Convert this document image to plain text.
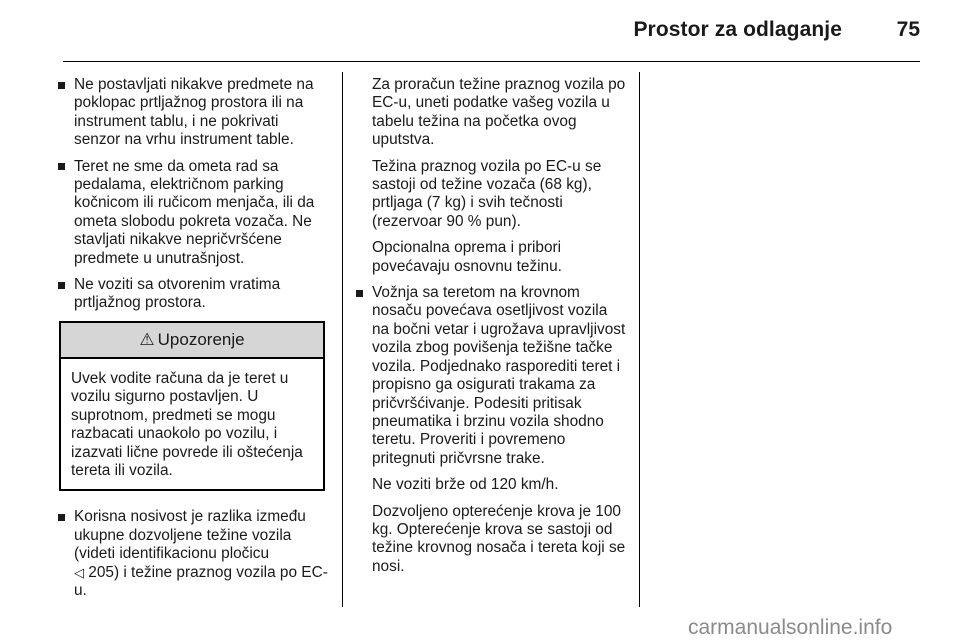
Prostor za odlaganje	75
Ne postavljati nikakve predmete na poklopac prtljažnog prostora ili na instrument tablu, i ne pokrivati senzor na vrhu instrument table.
Teret ne sme da ometa rad sa pedalama, električnom parking kočnicom ili ručicom menjača, ili da ometa slobodu pokreta vozača. Ne stavljati nikakve nepričvršćene predmete u unutrašnjost.
Ne voziti sa otvorenim vratima prtljažnog prostora.
⚠ Upozorenje
Uvek vodite računa da je teret u vozilu sigurno postavljen. U suprotnom, predmeti se mogu razbacati unaokolo po vozilu, i izazvati lične povrede ili oštećenja tereta ili vozila.
Korisna nosivost je razlika između ukupne dozvoljene težine vozila (videti identifikacionu pločicu
◁ 205) i težine praznog vozila po EC-u.
Za proračun težine praznog vozila po EC-u, uneti podatke vašeg vozila u tabelu težina na početka ovog uputstva.
Težina praznog vozila po EC-u se sastoji od težine vozača (68 kg), prtljaga (7 kg) i svih tečnosti (rezervoar 90 % pun).
Opcionalna oprema i pribori povećavaju osnovnu težinu.
Vožnja sa teretom na krovnom nosaču povećava osetljivost vozila na bočni vetar i ugrožava upravljivost vozila zbog povišenja težišne tačke vozila. Podjednako rasporediti teret i propisno ga osigurati trakama za pričvršćivanje. Podesiti pritisak pneumatika i brzinu vozila shodno teretu. Proveriti i povremeno pritegnuti pričvrsne trake.
Ne voziti brže od 120 km/h.
Dozvoljeno opterećenje krova je 100 kg. Opterećenje krova se sastoji od težine krovnog nosača i tereta koji se nosi.
carmanualsonline.info
